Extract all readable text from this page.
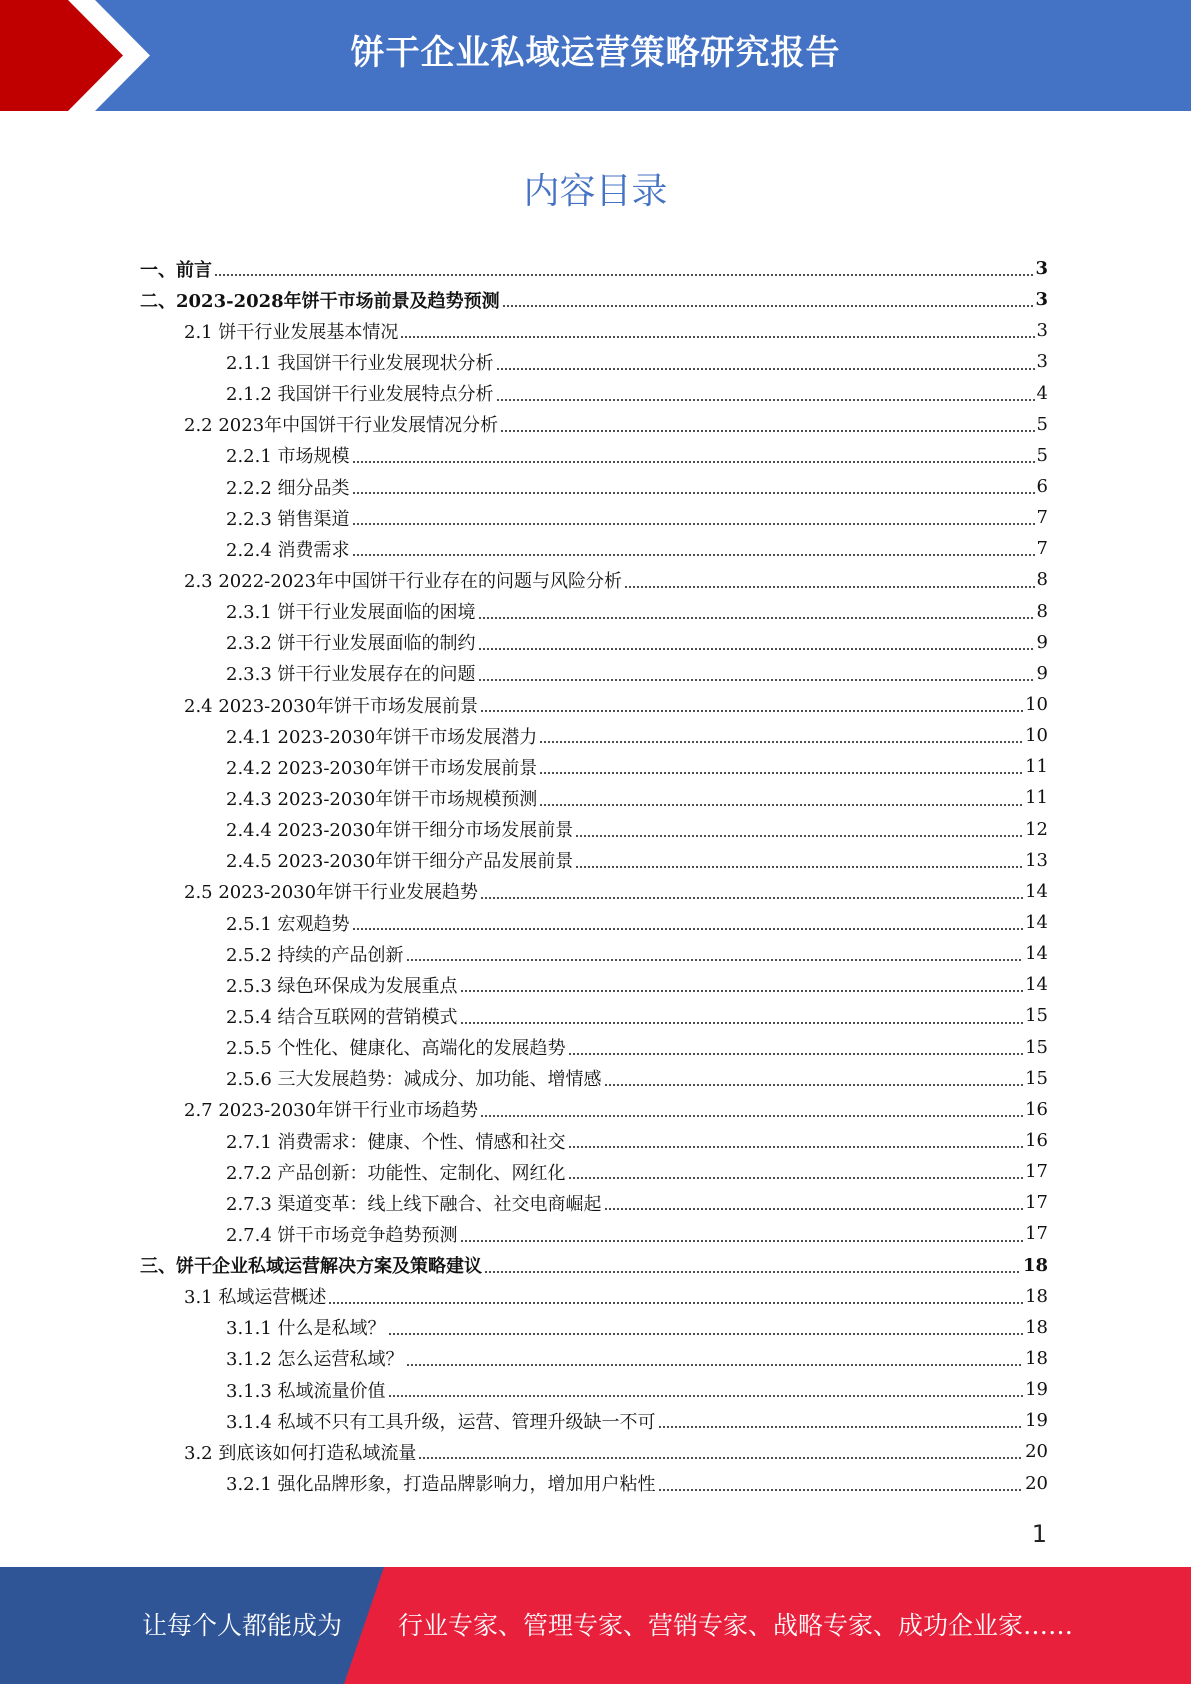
饼干企业私域运营策略研究报告
内容目录
一、前言	3
二、2023-2028年饼干市场前景及趋势预测	3
2.1 饼干行业发展基本情况	3
2.1.1 我国饼干行业发展现状分析	3
2.1.2 我国饼干行业发展特点分析	4
2.2 2023年中国饼干行业发展情况分析	5
2.2.1 市场规模	5
2.2.2 细分品类	6
2.2.3 销售渠道	7
2.2.4 消费需求	7
2.3 2022-2023年中国饼干行业存在的问题与风险分析	8
2.3.1 饼干行业发展面临的困境	8
2.3.2 饼干行业发展面临的制约	9
2.3.3 饼干行业发展存在的问题	9
2.4 2023-2030年饼干市场发展前景	10
2.4.1 2023-2030年饼干市场发展潜力	10
2.4.2 2023-2030年饼干市场发展前景	11
2.4.3 2023-2030年饼干市场规模预测	11
2.4.4 2023-2030年饼干细分市场发展前景	12
2.4.5 2023-2030年饼干细分产品发展前景	13
2.5 2023-2030年饼干行业发展趋势	14
2.5.1 宏观趋势	14
2.5.2 持续的产品创新	14
2.5.3 绿色环保成为发展重点	14
2.5.4 结合互联网的营销模式	15
2.5.5 个性化、健康化、高端化的发展趋势	15
2.5.6 三大发展趋势：减成分、加功能、增情感	15
2.7 2023-2030年饼干行业市场趋势	16
2.7.1 消费需求：健康、个性、情感和社交	16
2.7.2 产品创新：功能性、定制化、网红化	17
2.7.3 渠道变革：线上线下融合、社交电商崛起	17
2.7.4 饼干市场竞争趋势预测	17
三、饼干企业私域运营解决方案及策略建议	18
3.1 私域运营概述	18
3.1.1 什么是私域？	18
3.1.2 怎么运营私域？	18
3.1.3 私域流量价值	19
3.1.4 私域不只有工具升级，运营、管理升级缺一不可	19
3.2 到底该如何打造私域流量	20
3.2.1 强化品牌形象，打造品牌影响力，增加用户粘性	20
1
让每个人都能成为 行业专家、管理专家、营销专家、战略专家、成功企业家……
